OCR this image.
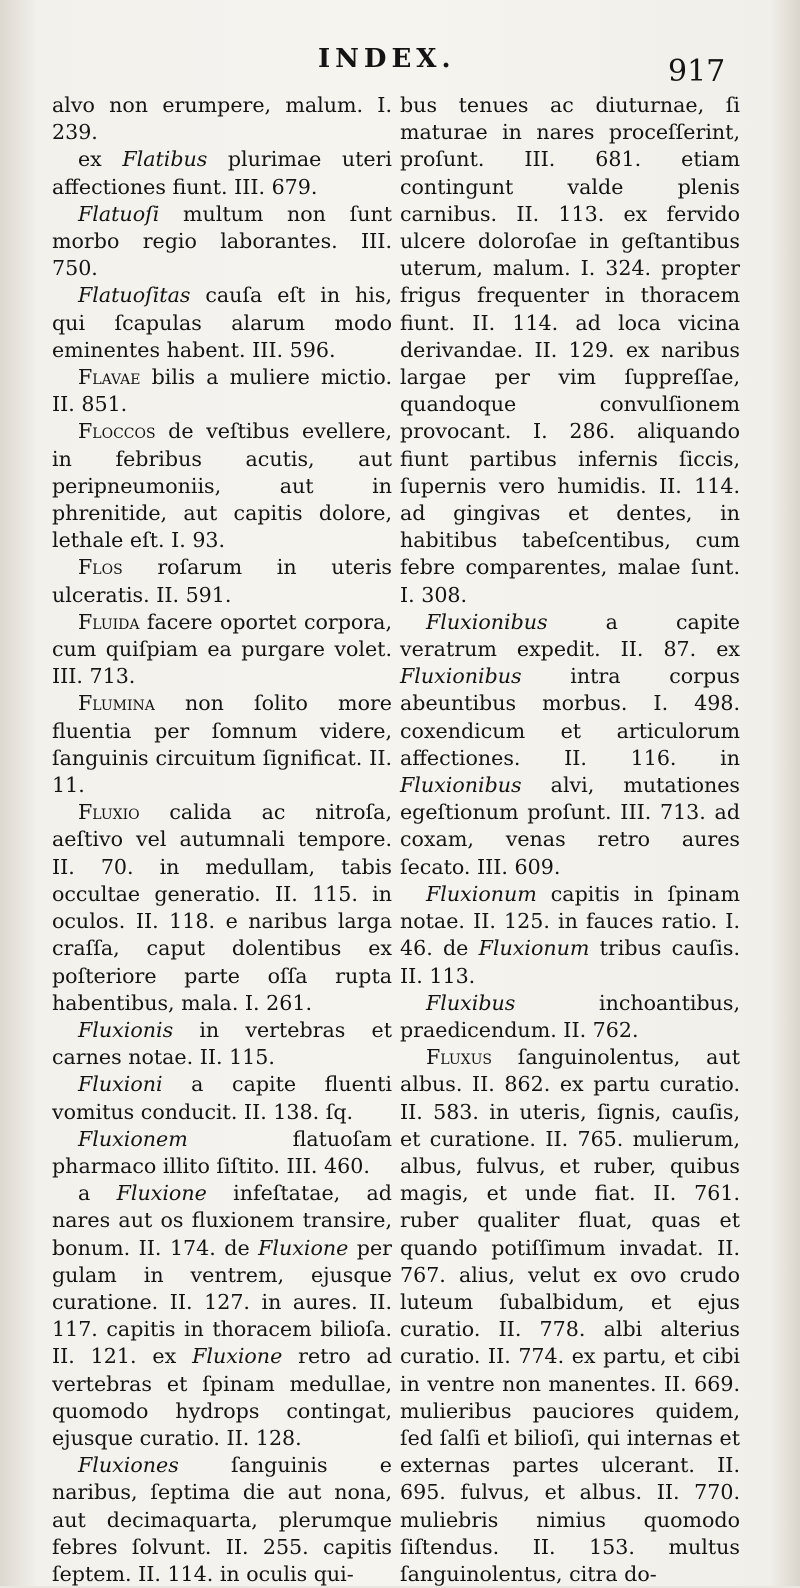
INDEX.	917

alvo non erumpere, malum. I. 239.

ex Flatibus plurimae uteri affectiones fiunt. III. 679.

Flatuoſi multum non ſunt morbo regio laborantes. III. 750.

Flatuoſitas cauſa eſt in his, qui ſcapulas alarum modo eminentes habent. III. 596.

Flavae bilis a muliere mictio. II. 851.

Floccos de veſtibus evellere, in febribus acutis, aut peripneumoniis, aut in phrenitide, aut capitis dolore, lethale eſt. I. 93.

Flos roſarum in uteris ulceratis. II. 591.

Fluida facere oportet corpora, cum quiſpiam ea purgare volet. III. 713.

Flumina non ſolito more fluentia per ſomnum videre, ſanguinis circuitum ſignificat. II. 11.

Fluxio calida ac nitroſa, aeſtivo vel autumnali tempore. II. 70. in medullam, tabis occultae generatio. II. 115. in oculos. II. 118. e naribus larga craſſa, caput dolentibus ex poſteriore parte oſſa rupta habentibus, mala. I. 261.

Fluxionis in vertebras et carnes notae. II. 115.

Fluxioni a capite fluenti vomitus conducit. II. 138. ſq.

Fluxionem flatuoſam pharmaco illito ſiſtito. III. 460.

a Fluxione infeſtatae, ad nares aut os fluxionem transire, bonum. II. 174. de Fluxione per gulam in ventrem, ejusque curatione. II. 127. in aures. II. 117. capitis in thoracem bilioſa. II. 121. ex Fluxione retro ad vertebras et ſpinam medullae, quomodo hydrops contingat, ejusque curatio. II. 128.

Fluxiones ſanguinis e naribus, ſeptima die aut nona, aut decimaquarta, plerumque febres ſolvunt. II. 255. capitis ſeptem. II. 114. in oculis qui-

bus tenues ac diuturnae, ſi maturae in nares proceſſerint, proſunt. III. 681. etiam contingunt valde plenis carnibus. II. 113. ex fervido ulcere doloroſae in geſtantibus uterum, malum. I. 324. propter frigus frequenter in thoracem fiunt. II. 114. ad loca vicina derivandae. II. 129. ex naribus largae per vim ſuppreſſae, quandoque convulſionem provocant. I. 286. aliquando fiunt partibus infernis ſiccis, ſupernis vero humidis. II. 114. ad gingivas et dentes, in habitibus tabeſcentibus, cum febre comparentes, malae ſunt. I. 308.

Fluxionibus a capite veratrum expedit. II. 87. ex Fluxionibus intra corpus abeuntibus morbus. I. 498. coxendicum et articulorum affectiones. II. 116. in Fluxionibus alvi, mutationes egeſtionum proſunt. III. 713. ad coxam, venas retro aures ſecato. III. 609.

Fluxionum capitis in ſpinam notae. II. 125. in fauces ratio. I. 46. de Fluxionum tribus cauſis. II. 113.

Fluxibus inchoantibus, praedicendum. II. 762.

Fluxus ſanguinolentus, aut albus. II. 862. ex partu curatio. II. 583. in uteris, ſignis, cauſis, et curatione. II. 765. mulierum, albus, fulvus, et ruber, quibus magis, et unde fiat. II. 761. ruber qualiter fluat, quas et quando potiſſimum invadat. II. 767. alius, velut ex ovo crudo luteum ſubalbidum, et ejus curatio. II. 778. albi alterius curatio. II. 774. ex partu, et cibi in ventre non manentes. II. 669. mulieribus pauciores quidem, ſed ſalſi et bilioſi, qui internas et externas partes ulcerant. II. 695. fulvus, et albus. II. 770. muliebris nimius quomodo ſiſtendus. II. 153. multus ſanguinolentus, citra do-
